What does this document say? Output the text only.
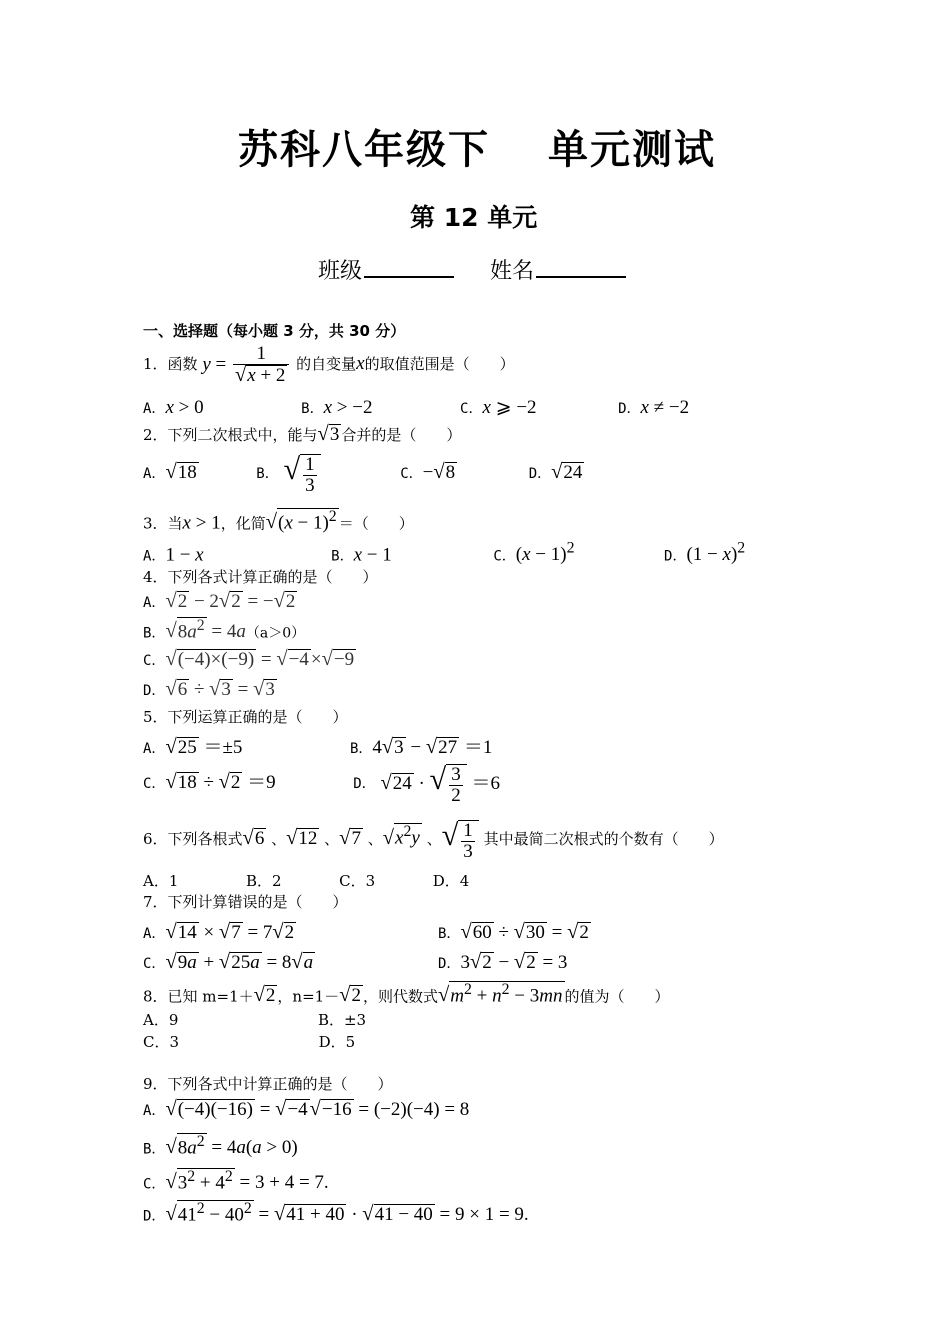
苏科八年级下 单元测试
第 12 单元
班级	姓名
一、选择题（每小题 3 分，共 30 分）
1．函数 $y = \frac{1}{√x + 2}$ 的自变量x的取值范围是（　　）
A．x > 0	B．x > −2	C．x ⩾ −2	D．x ≠ −2
2．下列二次根式中，能与√3 合并的是（　　）
A．√18	B． √ $\frac{1}{3}$	C．−√8	D．√24
3．当x > 1，化简$√(x - 1)^2$ ＝（　　）
A．1 − x	B．x − 1	C．$(x - 1)^2$	D．$(1 - x)^2$
4．下列各式计算正确的是（　　）
A．√2 − 2√2 = −√2
B．$√8a^2 = 4a(a>0)$
C．√(−4)×(−9) = √−4 ×√−9
D．√6 ÷ √3 = √3
5．下列运算正确的是（　　）
A．√25 ＝±5	B．4√3 − √27 ＝1
C．√18 ÷ √2 ＝9	D． √24 · √ $\frac{3}{2} =6$
6．下列各根式√6 、√12 、√7 、$√x^2y$ 、√ $\frac{1}{3}$ 其中最简二次根式的个数有（　　）
A．1	B．2	C．3	D．4
7．下列计算错误的是（　　）
A．√14 × √7 = 7√2	B．√60 ÷ √30 = √2
C．√9a + √25a = 8√a	D．3√2 − √2 = 3
8．已知 m=1＋√2 ，n=1－√2 ，则代数式$√m^2 + n^2 - 3mn$ 的值为（　　）
A．9	B．±3
C．3	D．5
9．下列各式中计算正确的是（　　）
A．√(−4)(−16) = √−4√−16 = (−2)(−4) = 8
B．$√8a^2 = 4a(a > 0)$
C．$√3^2 + 4^2 = 3 + 4 = 7$.
D．$√41^2 - 40^2 = √41 + 40 \cdot √41 - 40 = 9 \times 1 = 9$.
